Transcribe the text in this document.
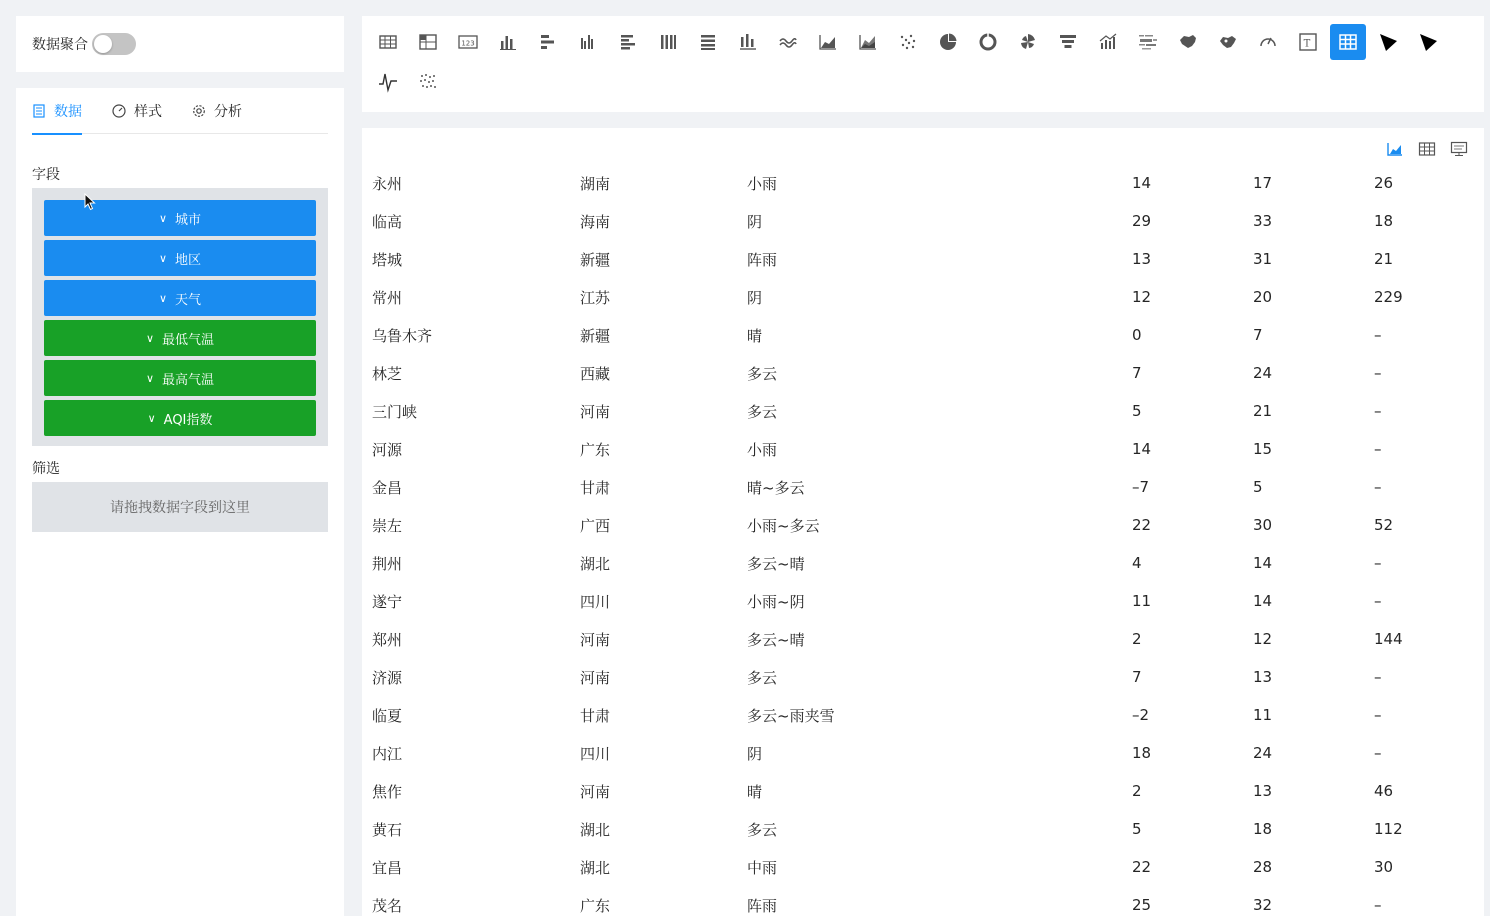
数据聚合
数据	样式	分析
字段
∨ 城市
∨ 地区
∨ 天气
∨ 最低气温
∨ 最高气温
∨ AQI指数
筛选
请拖拽数据字段到这里
123	T
永州	湖南	小雨	14	17	26
临高	海南	阴	29	33	18
塔城	新疆	阵雨	13	31	21
常州	江苏	阴	12	20	229
乌鲁木齐	新疆	晴	0	7	–
林芝	西藏	多云	7	24	–
三门峡	河南	多云	5	21	–
河源	广东	小雨	14	15	–
金昌	甘肃	晴~多云	–7	5	–
崇左	广西	小雨~多云	22	30	52
荆州	湖北	多云~晴	4	14	–
遂宁	四川	小雨~阴	11	14	–
郑州	河南	多云~晴	2	12	144
济源	河南	多云	7	13	–
临夏	甘肃	多云~雨夹雪	–2	11	–
内江	四川	阴	18	24	–
焦作	河南	晴	2	13	46
黄石	湖北	多云	5	18	112
宜昌	湖北	中雨	22	28	30
茂名	广东	阵雨	25	32	–
